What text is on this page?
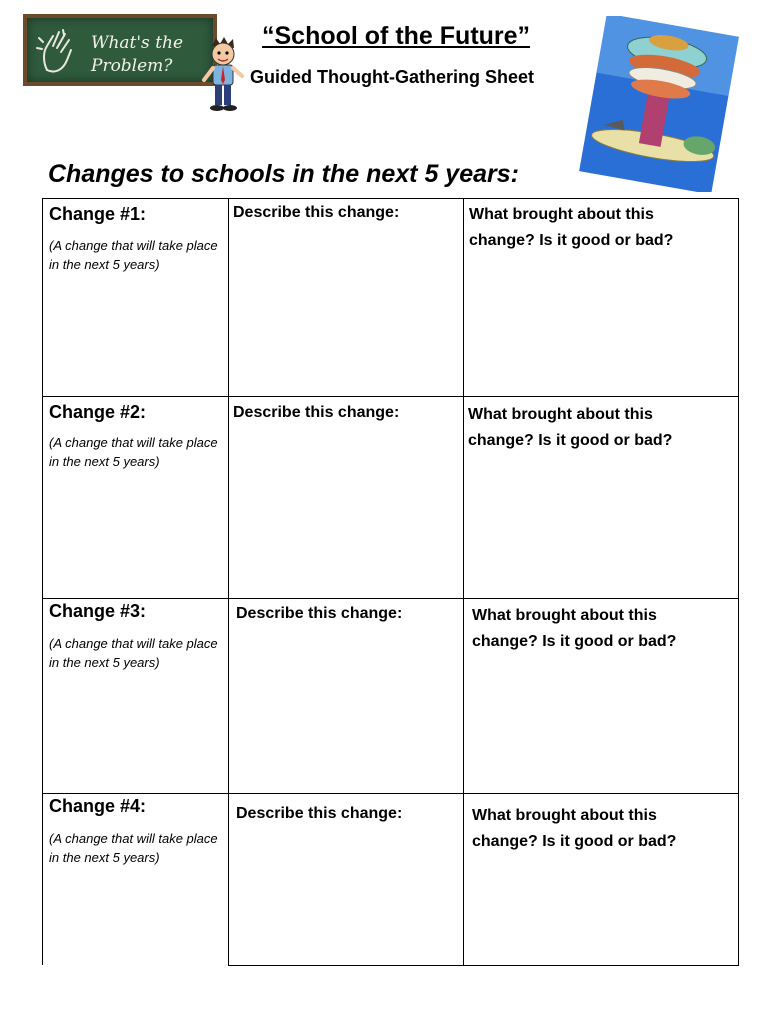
What's the Problem?
“School of the Future”
Guided Thought-Gathering Sheet
Changes to schools in the next 5 years:
Change #1:
(A change that will take place in the next 5 years)
Describe this change:	What brought about this change? Is it good or bad?
Change #2:
(A change that will take place in the next 5 years)
Describe this change:	What brought about this change? Is it good or bad?
Change #3:
(A change that will take place in the next 5 years)
Describe this change:	What brought about this change? Is it good or bad?
Change #4:
(A change that will take place in the next 5 years)
Describe this change:	What brought about this change? Is it good or bad?
